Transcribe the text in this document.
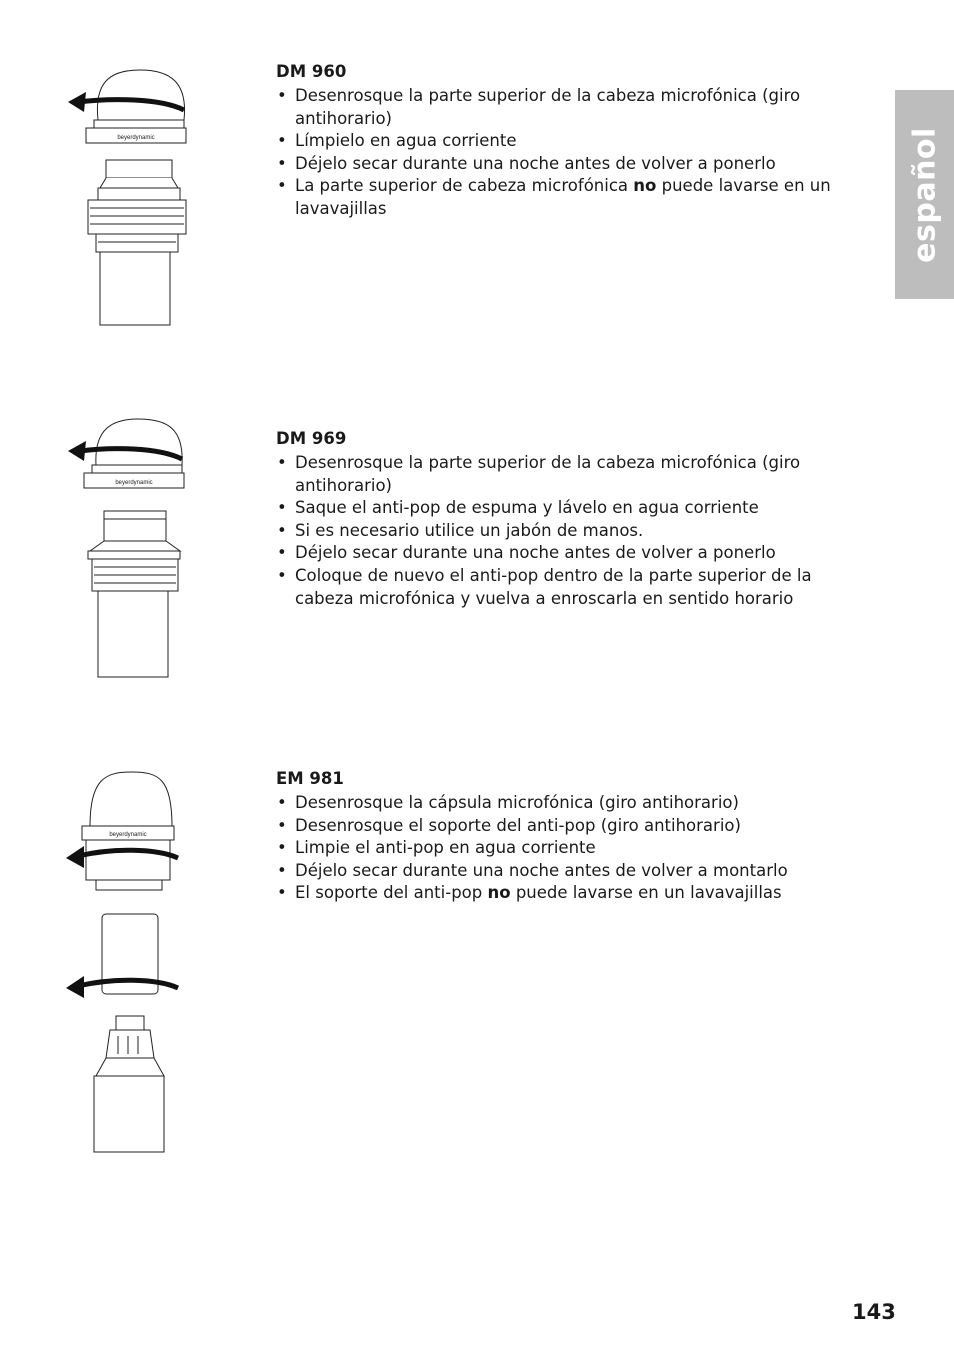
español
beyerdynamic
beyerdynamic
beyerdynamic
DM 960
• Desenrosque la parte superior de la cabeza microfónica (giro antihorario)
• Límpielo en agua corriente
• Déjelo secar durante una noche antes de volver a ponerlo
• La parte superior de cabeza microfónica no puede lavarse en un lavavajillas
DM 969
• Desenrosque la parte superior de la cabeza microfónica (giro antihorario)
• Saque el anti-pop de espuma y lávelo en agua corriente
• Si es necesario utilice un jabón de manos.
• Déjelo secar durante una noche antes de volver a ponerlo
• Coloque de nuevo el anti-pop dentro de la parte superior de la cabeza microfónica y vuelva a enroscarla en sentido horario
EM 981
• Desenrosque la cápsula microfónica (giro antihorario)
• Desenrosque el soporte del anti-pop (giro antihorario)
• Limpie el anti-pop en agua corriente
• Déjelo secar durante una noche antes de volver a montarlo
• El soporte del anti-pop no puede lavarse en un lavavajillas
143
